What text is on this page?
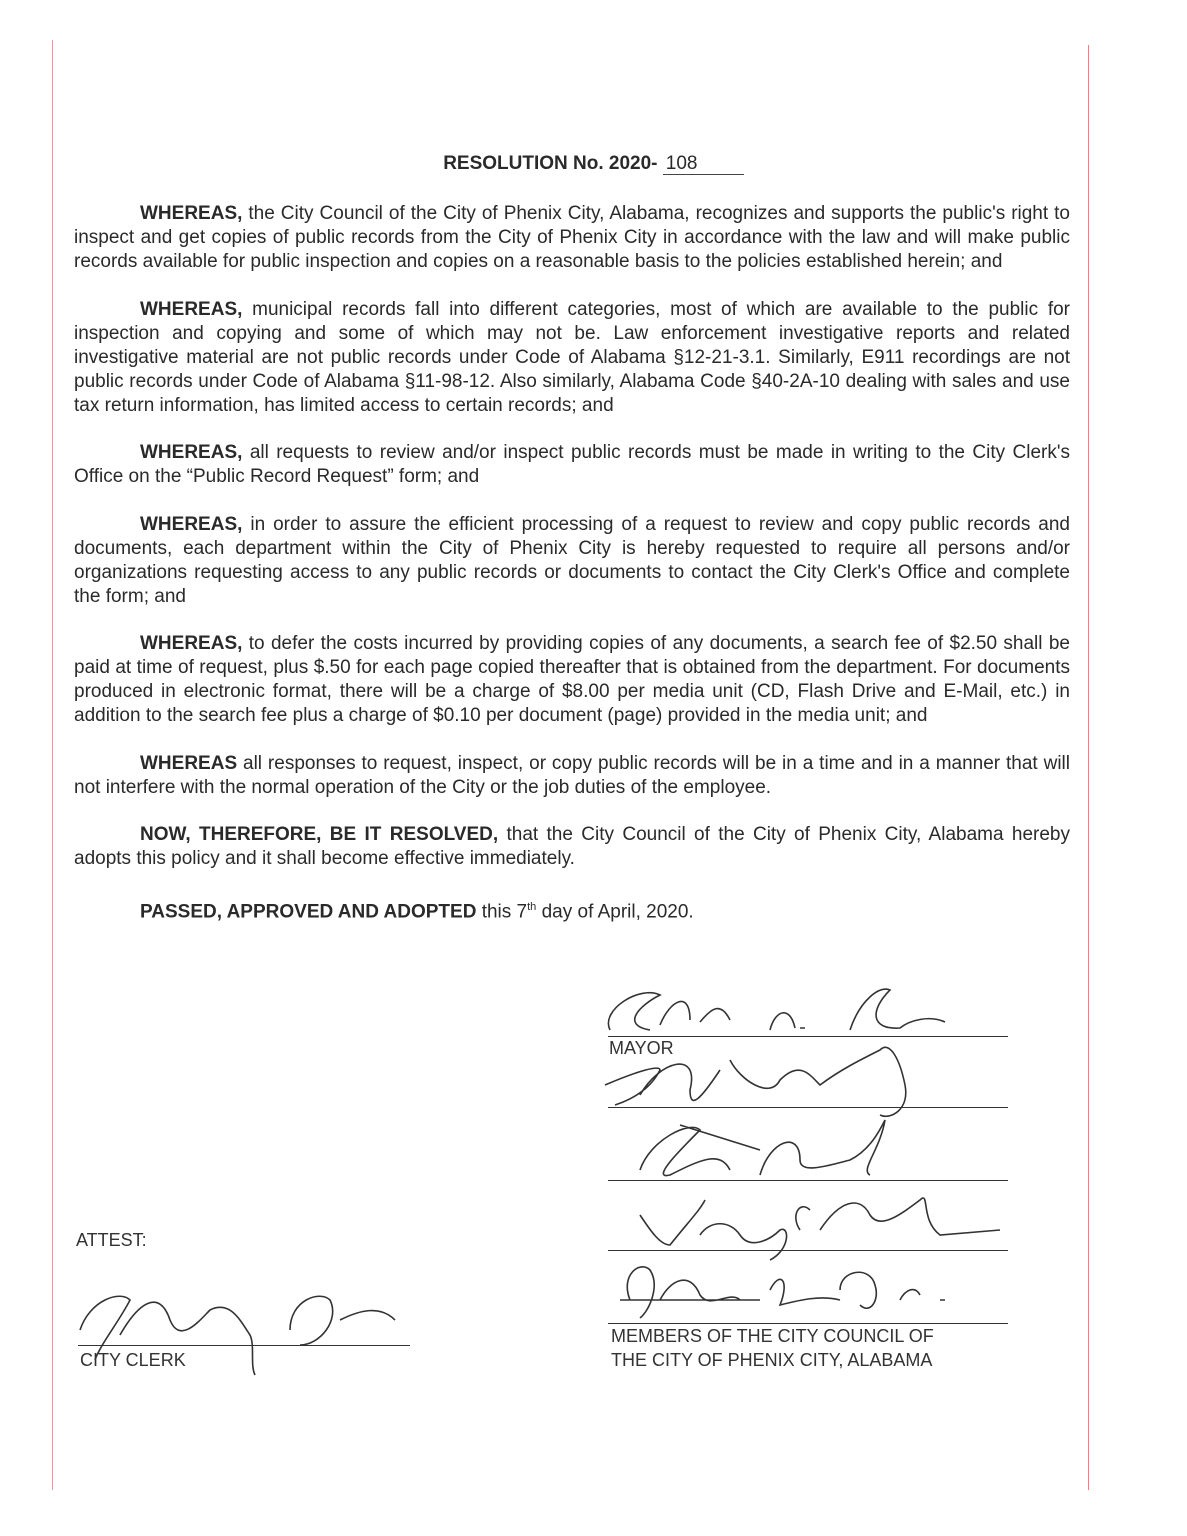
RESOLUTION No. 2020- 108

WHEREAS, the City Council of the City of Phenix City, Alabama, recognizes and supports the public's right to inspect and get copies of public records from the City of Phenix City in accordance with the law and will make public records available for public inspection and copies on a reasonable basis to the policies established herein; and

WHEREAS, municipal records fall into different categories, most of which are available to the public for inspection and copying and some of which may not be. Law enforcement investigative reports and related investigative material are not public records under Code of Alabama §12-21-3.1. Similarly, E911 recordings are not public records under Code of Alabama §11-98-12. Also similarly, Alabama Code §40-2A-10 dealing with sales and use tax return information, has limited access to certain records; and

WHEREAS, all requests to review and/or inspect public records must be made in writing to the City Clerk's Office on the “Public Record Request” form; and

WHEREAS, in order to assure the efficient processing of a request to review and copy public records and documents, each department within the City of Phenix City is hereby requested to require all persons and/or organizations requesting access to any public records or documents to contact the City Clerk's Office and complete the form; and

WHEREAS, to defer the costs incurred by providing copies of any documents, a search fee of $2.50 shall be paid at time of request, plus $.50 for each page copied thereafter that is obtained from the department. For documents produced in electronic format, there will be a charge of $8.00 per media unit (CD, Flash Drive and E-Mail, etc.) in addition to the search fee plus a charge of $0.10 per document (page) provided in the media unit; and

WHEREAS all responses to request, inspect, or copy public records will be in a time and in a manner that will not interfere with the normal operation of the City or the job duties of the employee.

NOW, THEREFORE, BE IT RESOLVED, that the City Council of the City of Phenix City, Alabama hereby adopts this policy and it shall become effective immediately.

PASSED, APPROVED AND ADOPTED this 7th day of April, 2020.

MAYOR
MEMBERS OF THE CITY COUNCIL OF
THE CITY OF PHENIX CITY, ALABAMA
ATTEST:
CITY CLERK
